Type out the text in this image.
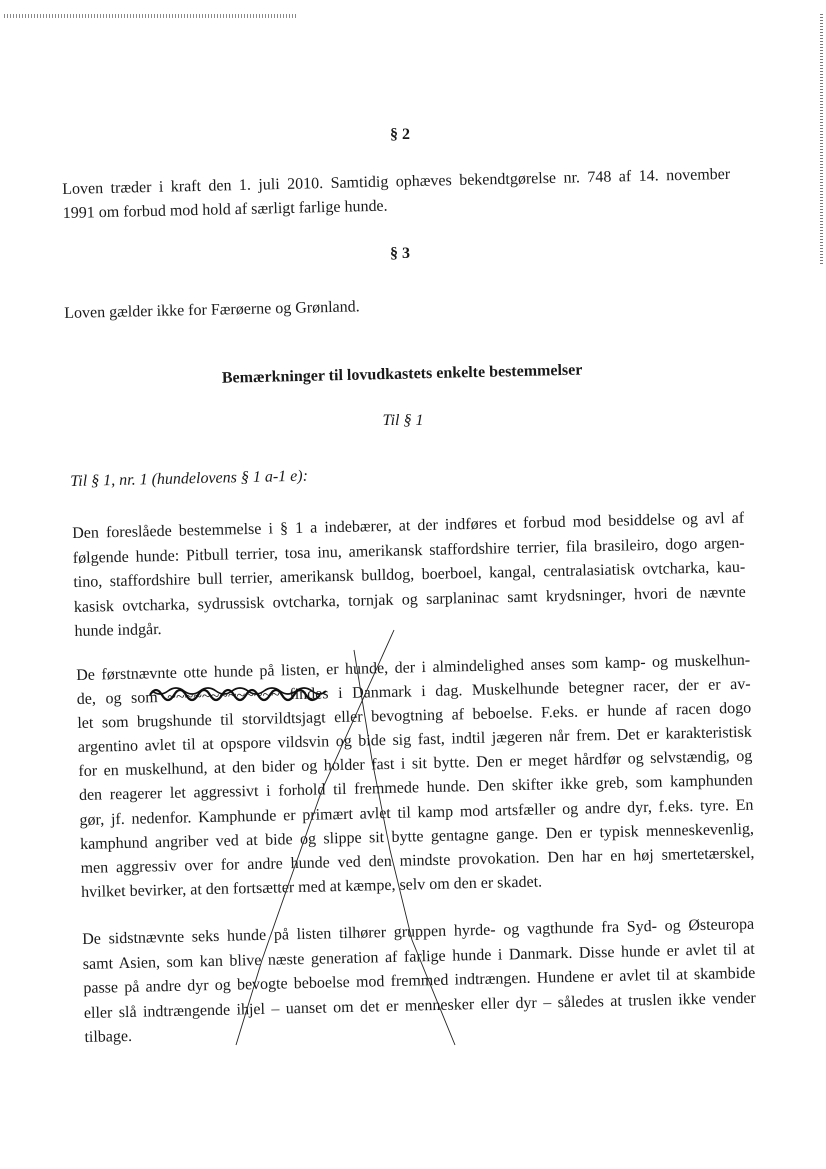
§ 2
Loven træder i kraft den 1. juli 2010. Samtidig ophæves bekendtgørelse nr. 748 af 14. november
1991 om forbud mod hold af særligt farlige hunde.
§ 3
Loven gælder ikke for Færøerne og Grønland.
Bemærkninger til lovudkastets enkelte bestemmelser
Til § 1
Til § 1, nr. 1 (hundelovens § 1 a-1 e):
Den foreslåede bestemmelse i § 1 a indebærer, at der indføres et forbud mod besiddelse og avl af
følgende hunde: Pitbull terrier, tosa inu, amerikansk staffordshire terrier, fila brasileiro, dogo argen-
tino, staffordshire bull terrier, amerikansk bulldog, boerboel, kangal, centralasiatisk ovtcharka, kau-
kasisk ovtcharka, sydrussisk ovtcharka, tornjak og sarplaninac samt krydsninger, hvori de nævnte
hunde indgår.
De førstnævnte otte hunde på listen, er hunde, der i almindelighed anses som kamp- og muskelhun-
de, og som ~~~~~~~~~~~~~ findes i Danmark i dag. Muskelhunde betegner racer, der er av-
let som brugshunde til storvildtsjagt eller bevogtning af beboelse. F.eks. er hunde af racen dogo
argentino avlet til at opspore vildsvin og bide sig fast, indtil jægeren når frem. Det er karakteristisk
for en muskelhund, at den bider og holder fast i sit bytte. Den er meget hårdfør og selvstændig, og
den reagerer let aggressivt i forhold til fremmede hunde. Den skifter ikke greb, som kamphunden
gør, jf. nedenfor. Kamphunde er primært avlet til kamp mod artsfæller og andre dyr, f.eks. tyre. En
kamphund angriber ved at bide og slippe sit bytte gentagne gange. Den er typisk menneskevenlig,
men aggressiv over for andre hunde ved den mindste provokation. Den har en høj smertetærskel,
hvilket bevirker, at den fortsætter med at kæmpe, selv om den er skadet.
De sidstnævnte seks hunde på listen tilhører gruppen hyrde- og vagthunde fra Syd- og Østeuropa
samt Asien, som kan blive næste generation af farlige hunde i Danmark. Disse hunde er avlet til at
passe på andre dyr og bevogte beboelse mod fremmed indtrængen. Hundene er avlet til at skambide
eller slå indtrængende ihjel – uanset om det er mennesker eller dyr – således at truslen ikke vender
tilbage.
